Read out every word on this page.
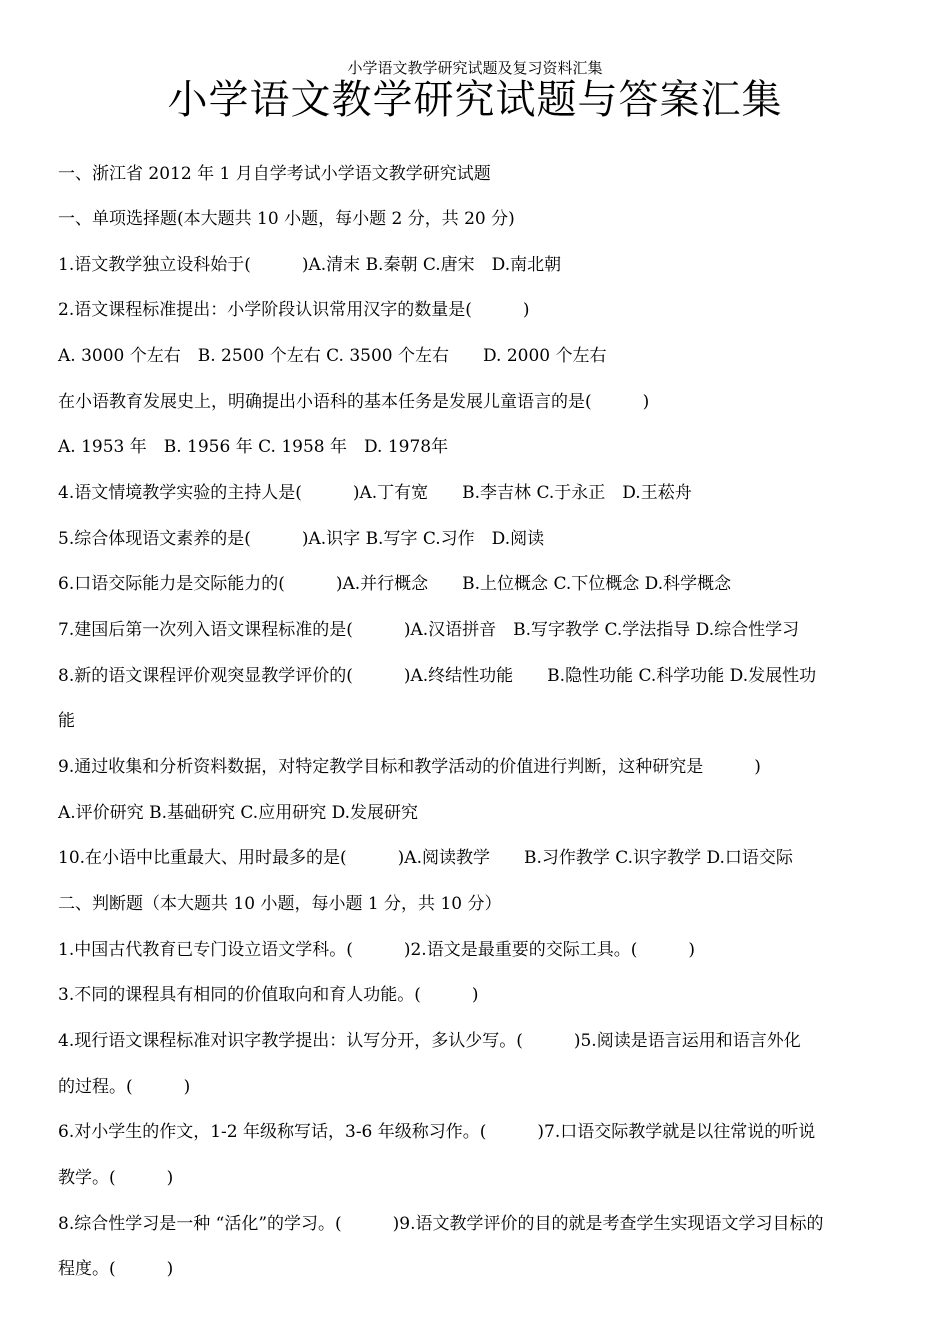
小学语文教学研究试题及复习资料汇集
小学语文教学研究试题与答案汇集
一、浙江省 2012 年 1 月自学考试小学语文教学研究试题
一、单项选择题(本大题共 10 小题，每小题 2 分，共 20 分)
1.语文教学独立设科始于(　　　)A.清末 B.秦朝 C.唐宋　D.南北朝
2.语文课程标准提出：小学阶段认识常用汉字的数量是(　　　)
A. 3000 个左右　B. 2500 个左右 C. 3500 个左右　　D. 2000 个左右
在小语教育发展史上，明确提出小语科的基本任务是发展儿童语言的是(　　　)
A. 1953 年　B. 1956 年 C. 1958 年　D. 1978年
4.语文情境教学实验的主持人是(　　　)A.丁有宽　　B.李吉林 C.于永正　D.王菘舟
5.综合体现语文素养的是(　　　)A.识字 B.写字 C.习作　D.阅读
6.口语交际能力是交际能力的(　　　)A.并行概念　　B.上位概念 C.下位概念 D.科学概念
7.建国后第一次列入语文课程标准的是(　　　)A.汉语拼音　B.写字教学 C.学法指导 D.综合性学习
8.新的语文课程评价观突显教学评价的(　　　)A.终结性功能　　B.隐性功能 C.科学功能 D.发展性功
能
9.通过收集和分析资料数据，对特定教学目标和教学活动的价值进行判断，这种研究是　　　)
A.评价研究 B.基础研究 C.应用研究 D.发展研究
10.在小语中比重最大、用时最多的是(　　　)A.阅读教学　　B.习作教学 C.识字教学 D.口语交际
二、判断题（本大题共 10 小题，每小题 1 分，共 10 分）
1.中国古代教育已专门设立语文学科。(　　　)2.语文是最重要的交际工具。(　　　)
3.不同的课程具有相同的价值取向和育人功能。(　　　)
4.现行语文课程标准对识字教学提出：认写分开，多认少写。(　　　)5.阅读是语言运用和语言外化
的过程。(　　　)
6.对小学生的作文，1-2 年级称写话，3-6 年级称习作。(　　　)7.口语交际教学就是以往常说的听说
教学。(　　　)
8.综合性学习是一种 “活化”的学习。(　　　)9.语文教学评价的目的就是考查学生实现语文学习目标的
程度。(　　　)
